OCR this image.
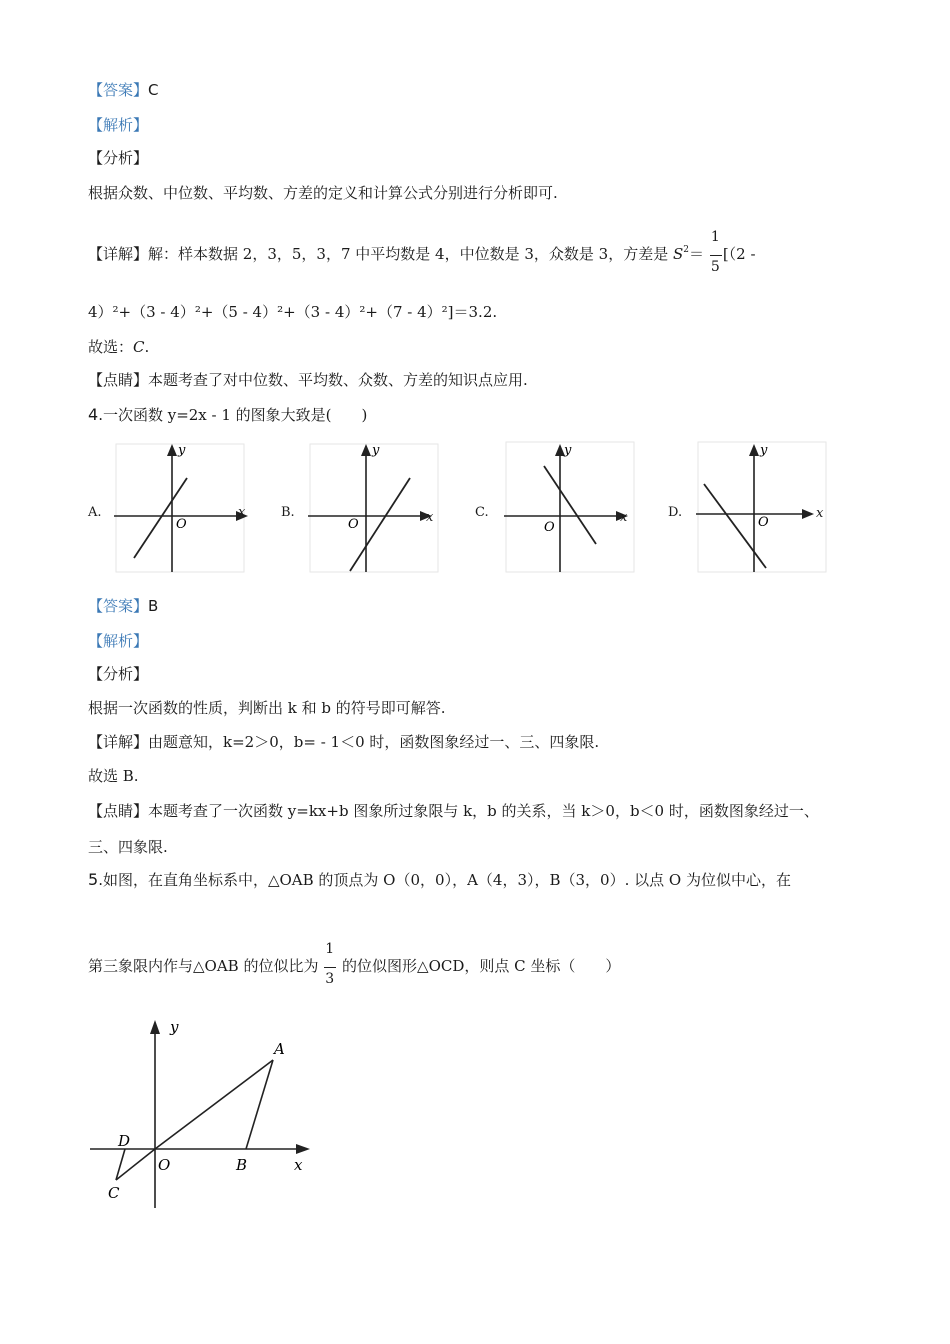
【答案】C
【解析】
【分析】
根据众数、中位数、平均数、方差的定义和计算公式分别进行分析即可.
【详解】解：样本数据 2，3，5，3，7 中平均数是 4，中位数是 3，众数是 3，方差是 $S^2= \frac{1}{5} [(2$ -
4）²+（3 - 4）²+（5 - 4）²+（3 - 4）²+（7 - 4）²]＝3.2.
故选：C.
【点睛】本题考查了对中位数、平均数、众数、方差的知识点应用.
4.一次函数 y=2x - 1 的图象大致是(　　)
A.
y
O
x	B.
y
O	x	C.
y
O
x	D.
y
O
x
【答案】B
【解析】
【分析】
根据一次函数的性质，判断出 k 和 b 的符号即可解答.
【详解】由题意知，k=2＞0，b= - 1＜0 时，函数图象经过一、三、四象限.
故选 B.
【点睛】本题考查了一次函数 y=kx+b 图象所过象限与 k，b 的关系，当 k＞0，b＜0 时，函数图象经过一、
三、四象限.
5.如图，在直角坐标系中，△OAB 的顶点为 O（0，0），A（4，3），B（3，0）. 以点 O 为位似中心，在
第三象限内作与△OAB 的位似比为 $\frac{1}{3}$ 的位似图形△OCD，则点 C 坐标（　　）
y
A
B
O	x
D
C
